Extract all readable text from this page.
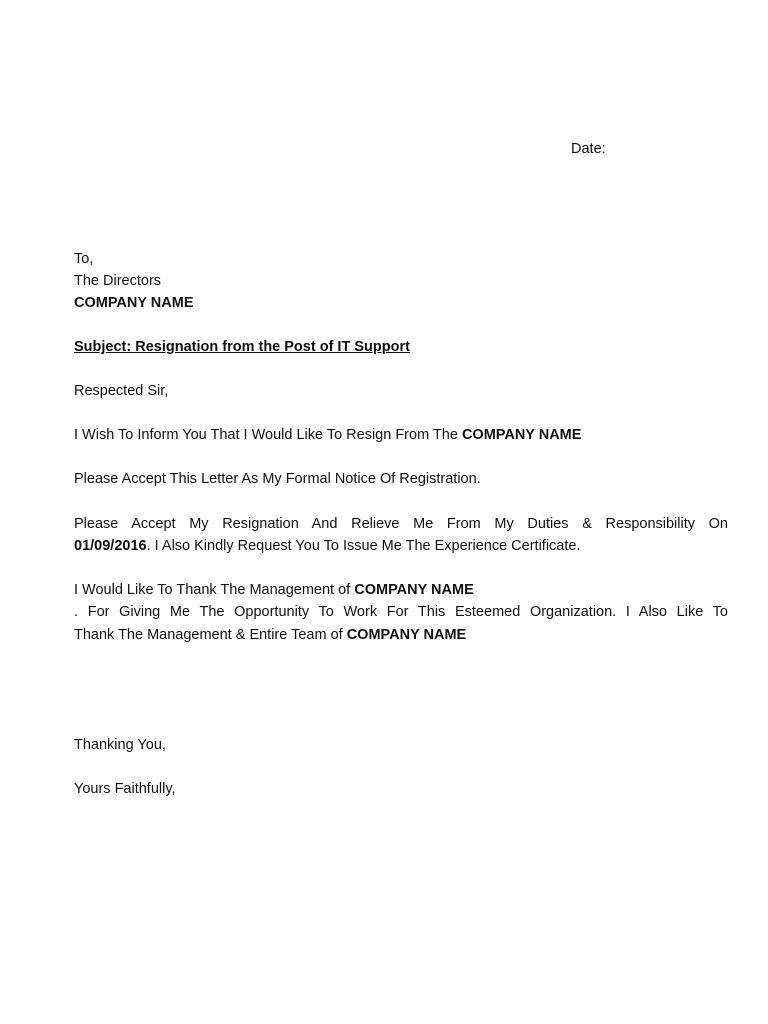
Date:
To,
The Directors
COMPANY NAME
Subject: Resignation from the Post of IT Support
Respected Sir,
I Wish To Inform You That I Would Like To Resign From The COMPANY NAME
Please Accept This Letter As My Formal Notice Of Registration.
Please Accept My Resignation And Relieve Me From My Duties & Responsibility On
01/09/2016. I Also Kindly Request You To Issue Me The Experience Certificate.
I Would Like To Thank The Management of COMPANY NAME
. For Giving Me The Opportunity To Work For This Esteemed Organization. I Also Like To
Thank The Management & Entire Team of COMPANY NAME
Thanking You,
Yours Faithfully,
